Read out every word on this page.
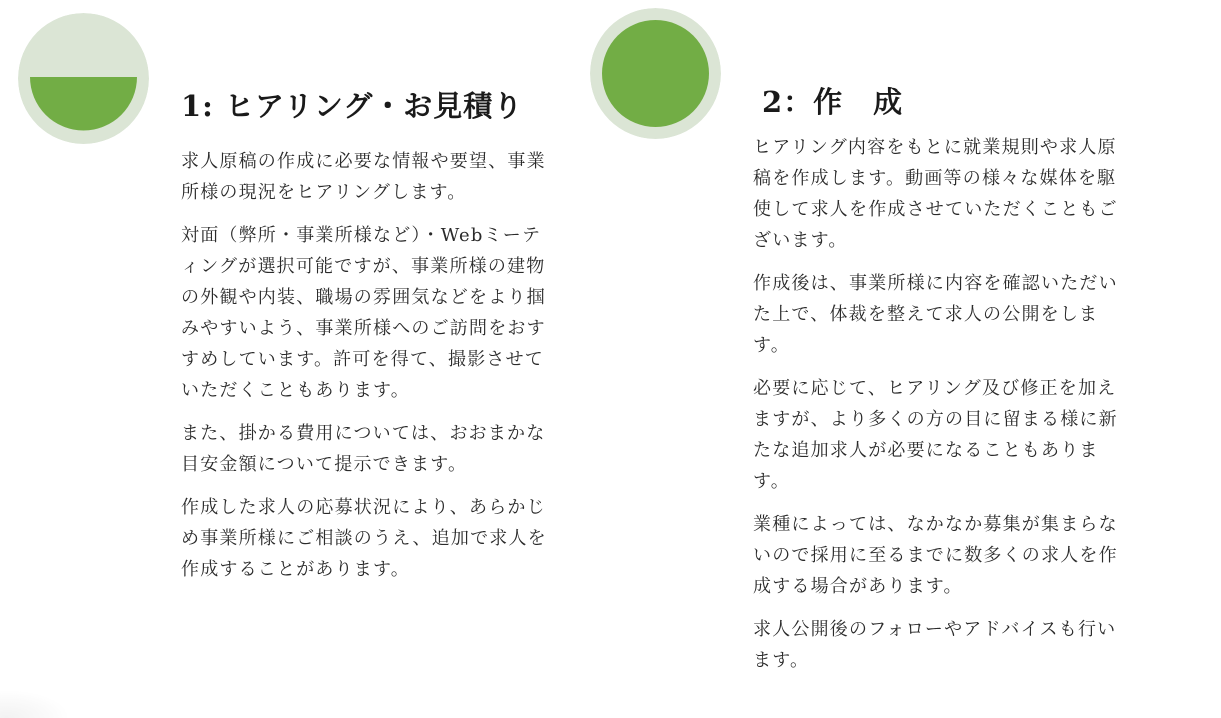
1: ヒアリング・お見積り

求人原稿の作成に必要な情報や要望、事業所様の現況をヒアリングします。

対面（弊所・事業所様など）・Webミーティングが選択可能ですが、事業所様の建物の外観や内装、職場の雰囲気などをより掴みやすいよう、事業所様へのご訪問をおすすめしています。許可を得て、撮影させていただくこともあります。

また、掛かる費用については、おおまかな目安金額について提示できます。

作成した求人の応募状況により、あらかじめ事業所様にご相談のうえ、追加で求人を作成することがあります。

2：作　成

ヒアリング内容をもとに就業規則や求人原稿を作成します。動画等の様々な媒体を駆使して求人を作成させていただくこともございます。

作成後は、事業所様に内容を確認いただいた上で、体裁を整えて求人の公開をします。

必要に応じて、ヒアリング及び修正を加えますが、より多くの方の目に留まる様に新たな追加求人が必要になることもあります。

業種によっては、なかなか募集が集まらないので採用に至るまでに数多くの求人を作成する場合があります。

求人公開後のフォローやアドバイスも行います。
